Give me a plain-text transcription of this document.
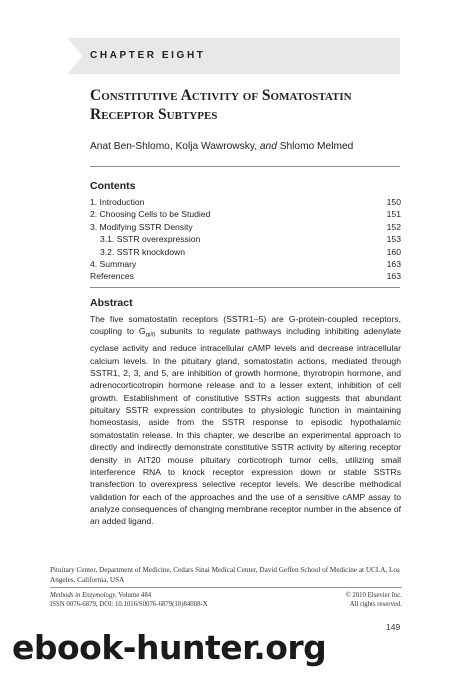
CHAPTER EIGHT
Constitutive Activity of Somatostatin
Receptor Subtypes
Anat Ben-Shlomo, Kolja Wawrowsky, and Shlomo Melmed
Contents
1. Introduction	150
2. Choosing Cells to be Studied	151
3. Modifying SSTR Density	152
3.1. SSTR overexpression	153
3.2. SSTR knockdown	160
4. Summary	163
References	163
Abstract

The five somatostatin receptors (SSTR1–5) are G-protein-coupled receptors, coupling to $G_{\alpha i/0}$ subunits to regulate pathways including inhibiting adenylate cyclase activity and reduce intracellular cAMP levels and decrease intracellular calcium levels. In the pituitary gland, somatostatin actions, mediated through SSTR1, 2, 3, and 5, are inhibition of growth hormone, thyrotropin hormone, and adrenocorticotropin hormone release and to a lesser extent, inhibition of cell growth. Establishment of constitutive SSTRs action suggests that abundant pituitary SSTR expression contributes to physiologic function in maintaining homeostasis, aside from the SSTR response to episodic hypothalamic somatostatin release. In this chapter, we describe an experimental approach to directly and indirectly demonstrate constitutive SSTR activity by altering receptor density in AtT20 mouse pituitary corticotroph tumor cells, utilizing small interference RNA to knock receptor expression down or stable SSTRs transfection to overexpress selective receptor levels. We describe methodical validation for each of the approaches and the use of a sensitive cAMP assay to analyze consequences of changing membrane receptor number in the absence of an added ligand.

Pituitary Center, Department of Medicine, Cedars Sinai Medical Center, David Geffen School of Medicine at UCLA, Los Angeles, California, USA
Methods in Enzymology, Volume 484	© 2010 Elsevier Inc.
ISSN 0076-6879, DOI: 10.1016/S0076-6879(10)84008-X	All rights reserved.
149
ebook-hunter.org
